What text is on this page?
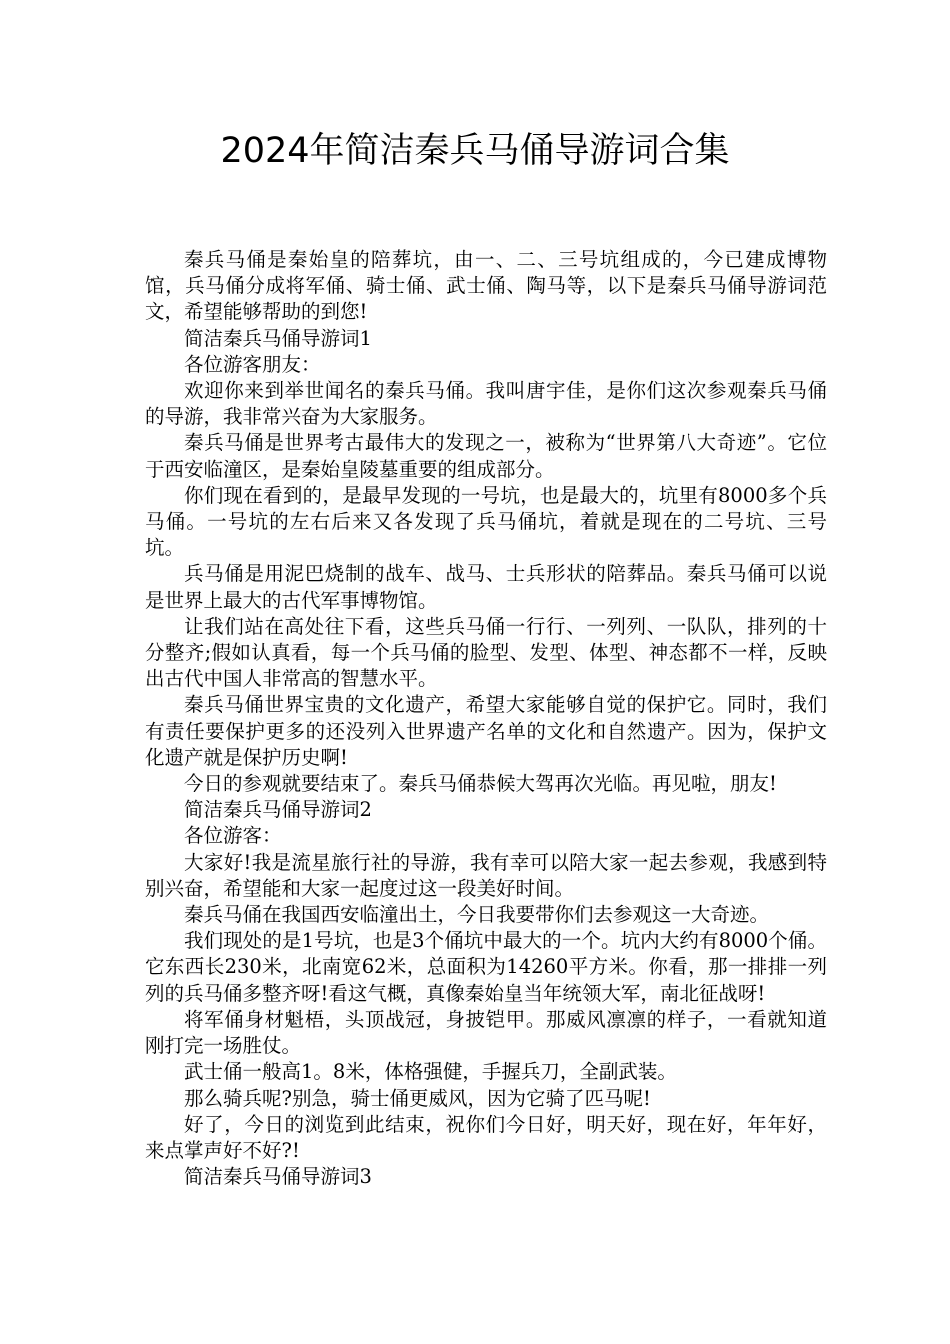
2024年简洁秦兵马俑导游词合集

秦兵马俑是秦始皇的陪葬坑，由一、二、三号坑组成的，今已建成博物馆，兵马俑分成将军俑、骑士俑、武士俑、陶马等，以下是秦兵马俑导游词范文，希望能够帮助的到您!

简洁秦兵马俑导游词1

各位游客朋友：

欢迎你来到举世闻名的秦兵马俑。我叫唐宇佳，是你们这次参观秦兵马俑的导游，我非常兴奋为大家服务。

秦兵马俑是世界考古最伟大的发现之一，被称为“世界第八大奇迹”。它位于西安临潼区，是秦始皇陵墓重要的组成部分。

你们现在看到的，是最早发现的一号坑，也是最大的，坑里有8000多个兵马俑。一号坑的左右后来又各发现了兵马俑坑，着就是现在的二号坑、三号坑。

兵马俑是用泥巴烧制的战车、战马、士兵形状的陪葬品。秦兵马俑可以说是世界上最大的古代军事博物馆。

让我们站在高处往下看，这些兵马俑一行行、一列列、一队队，排列的十分整齐;假如认真看，每一个兵马俑的脸型、发型、体型、神态都不一样，反映出古代中国人非常高的智慧水平。

秦兵马俑世界宝贵的文化遗产，希望大家能够自觉的保护它。同时，我们有责任要保护更多的还没列入世界遗产名单的文化和自然遗产。因为，保护文化遗产就是保护历史啊!

今日的参观就要结束了。秦兵马俑恭候大驾再次光临。再见啦，朋友!

简洁秦兵马俑导游词2

各位游客：

大家好!我是流星旅行社的导游，我有幸可以陪大家一起去参观，我感到特别兴奋，希望能和大家一起度过这一段美好时间。

秦兵马俑在我国西安临潼出土，今日我要带你们去参观这一大奇迹。

我们现处的是1号坑，也是3个俑坑中最大的一个。坑内大约有8000个俑。它东西长230米，北南宽62米，总面积为14260平方米。你看，那一排排一列列的兵马俑多整齐呀!看这气概，真像秦始皇当年统领大军，南北征战呀!

将军俑身材魁梧，头顶战冠，身披铠甲。那威风凛凛的样子，一看就知道刚打完一场胜仗。

武士俑一般高1。8米，体格强健，手握兵刀，全副武装。

那么骑兵呢?别急，骑士俑更威风，因为它骑了匹马呢!

好了，今日的浏览到此结束，祝你们今日好，明天好，现在好，年年好，来点掌声好不好?!

简洁秦兵马俑导游词3
